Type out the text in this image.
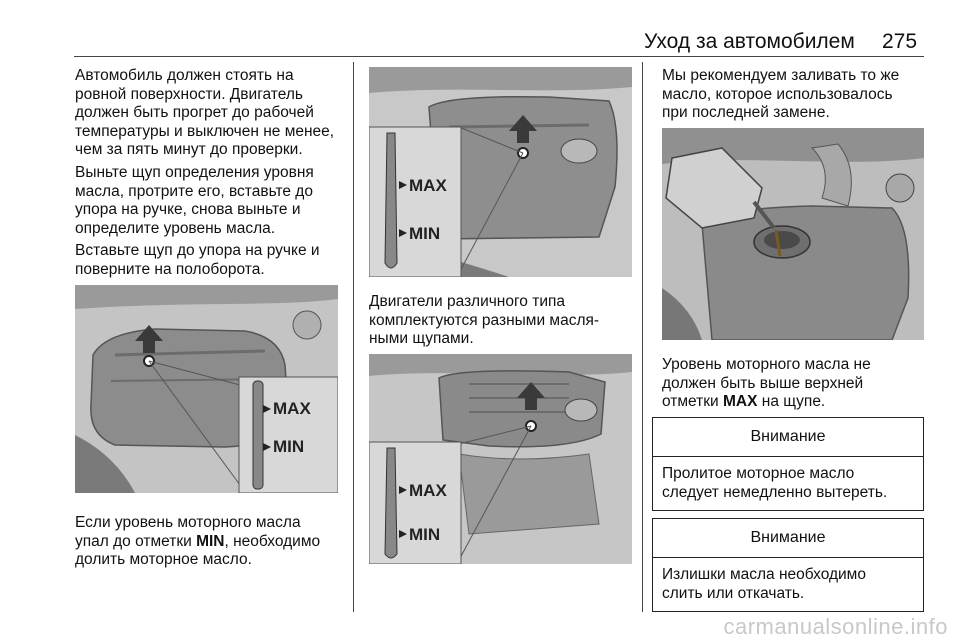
Уход за автомобилем 275
Автомобиль должен стоять на
ровной поверхности. Двигатель
должен быть прогрет до рабочей
температуры и выключен не менее,
чем за пять минут до проверки.
Выньте щуп определения уровня
масла, протрите его, вставьте до
упора на ручке, снова выньте и
определите уровень масла.
Вставьте щуп до упора на ручке и
поверните на полоборота.
MAX
MIN
Если уровень моторного масла
упал до отметки MIN, необходимо
долить моторное масло.
MAX
MIN
Двигатели различного типа
комплектуются разными масля-
ными щупами.
MAX
MIN
Мы рекомендуем заливать то же
масло, которое использовалось
при последней замене.
Уровень моторного масла не
должен быть выше верхней
отметки MAX на щупе.
Внимание
Пролитое моторное масло
следует немедленно вытереть.
Внимание
Излишки масла необходимо
слить или откачать.
carmanualsonline.info
